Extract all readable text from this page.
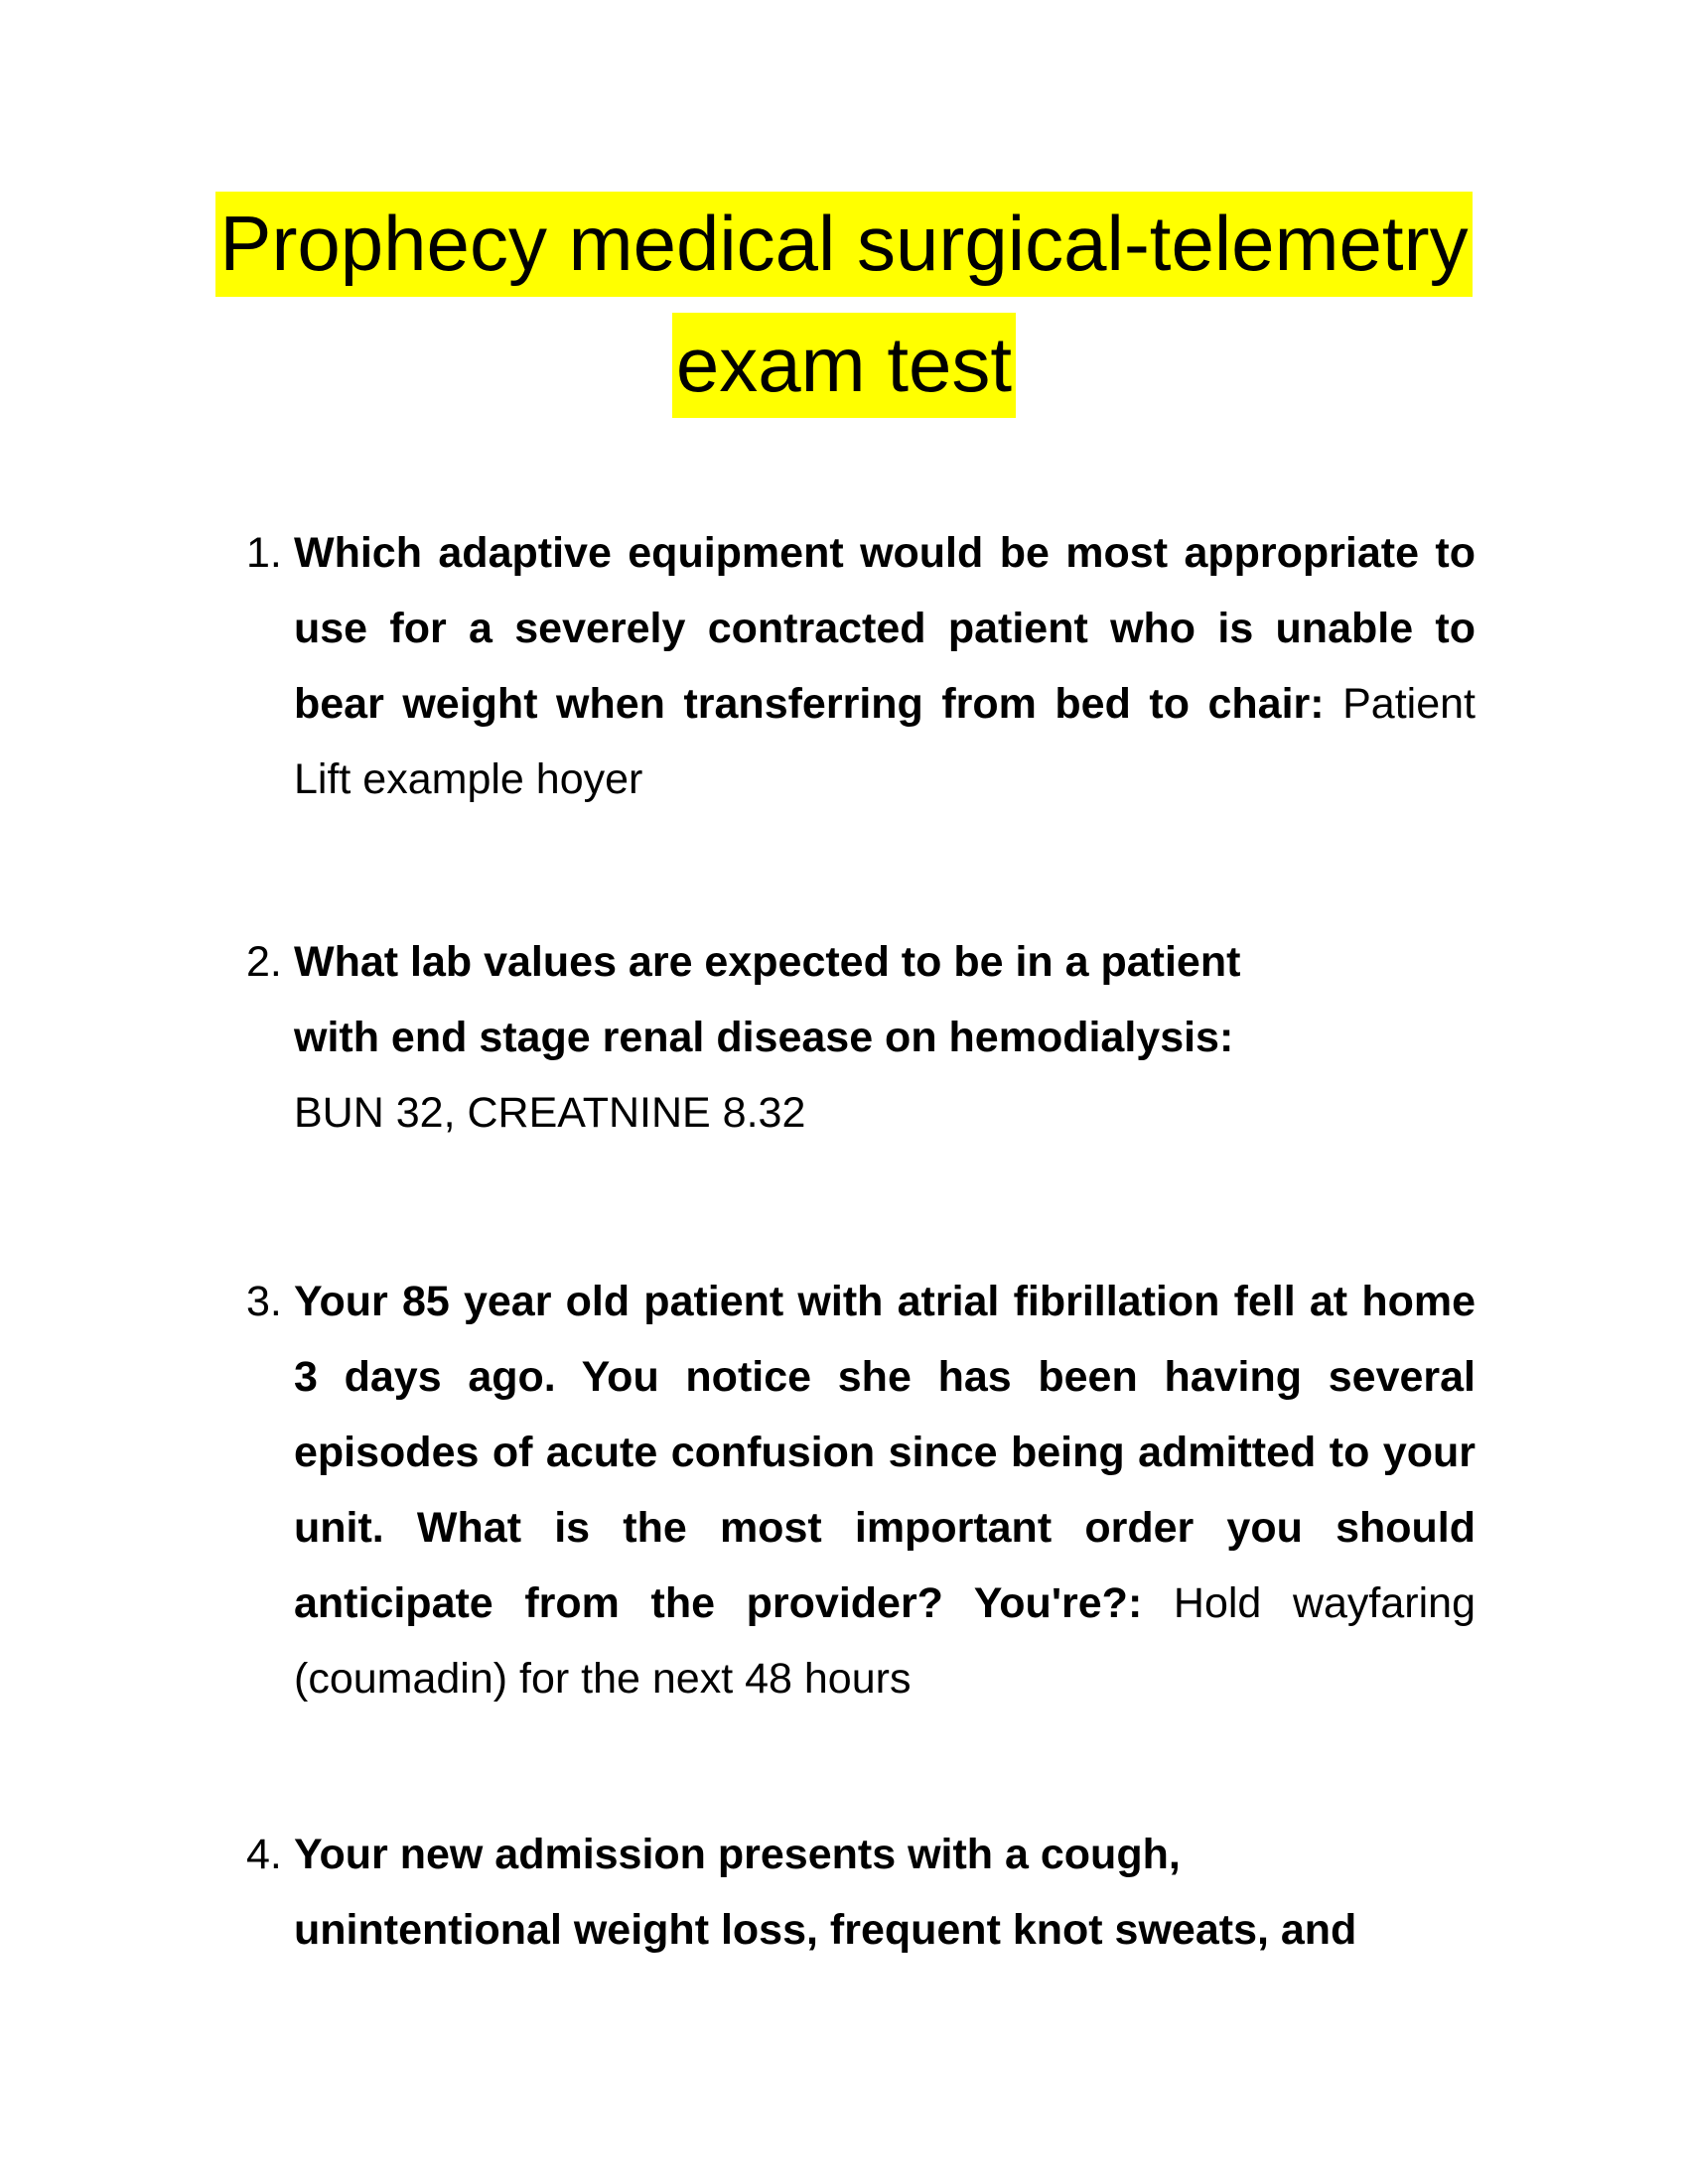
Prophecy medical surgical-telemetry
exam test
1. Which adaptive equipment would be most appropriate to use for a severely contracted patient who is unable to bear weight when transferring from bed to chair: Patient Lift example hoyer
2. What lab values are expected to be in a patient with end stage renal disease on hemodialysis: BUN 32, CREATNINE 8.32
3. Your 85 year old patient with atrial fibrillation fell at home 3 days ago. You notice she has been having several episodes of acute confusion since being admitted to your unit. What is the most important order you should anticipate from the provider? You're?: Hold wayfaring (coumadin) for the next 48 hours
4. Your new admission presents with a cough, unintentional weight loss, frequent knot sweats, and
